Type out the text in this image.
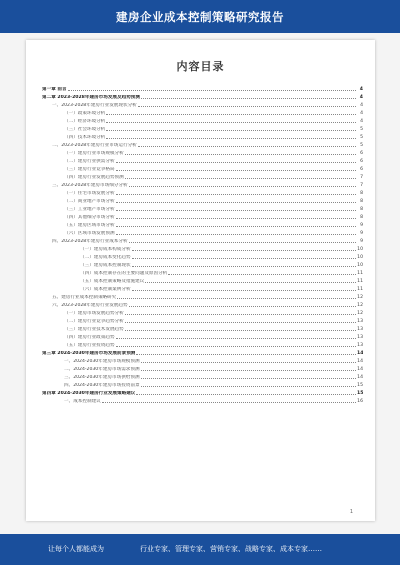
建房企业成本控制策略研究报告
内容目录
第一章 前言	4
第二章 2023-2028年建房市场发展及趋势预测	4
一、2023-2028年建房行业发展现状分析	4
（一）政策环境分析	4
（二）经济环境分析	4
（三）社会环境分析	5
（四）技术环境分析	5
二、2023-2028年建房行业市场运行分析	5
（一）建房行业市场规模分析	6
（二）建房行业供需分析	6
（三）建房行业竞争格局	6
（四）建房行业发展趋势预测	7
三、2023-2028年建房市场细分分析	7
（一）住宅市场发展分析	8
（二）商业地产市场分析	8
（三）工业地产市场分析	8
（四）其他细分市场分析	8
（五）建房区域市场分析	9
（六）区域市场发展预测	9
四、2023-2028年建房行业成本分析	9
（一）建房成本构成分析	10
（二）建房成本变化趋势	10
（三）建房成本控制现状	10
（四）成本控制存在的主要问题及原因分析	11
（五）成本控制策略及措施建议	11
（六）成本控制案例分析	11
五、建房行业成本控制策略研究	12
六、2023-2028年建房行业发展趋势	12
（一）建房市场发展趋势分析	12
（二）建房行业竞争趋势分析	13
（三）建房行业技术发展趋势	13
（四）建房行业政策趋势	13
（五）建房行业投资趋势	13
第三章 2024-2030年建房市场发展前景预测	14
一、2024-2030年建房市场规模预测	14
二、2024-2030年建房市场需求预测	14
三、2024-2030年建房市场供给预测	14
四、2024-2030年建房市场投资前景	15
第四章 2024-2030年建房行业发展策略建议	15
一、成本控制建议	16
1
让每个人都能成为	行业专家、管理专家、营销专家、战略专家、成本专家……
